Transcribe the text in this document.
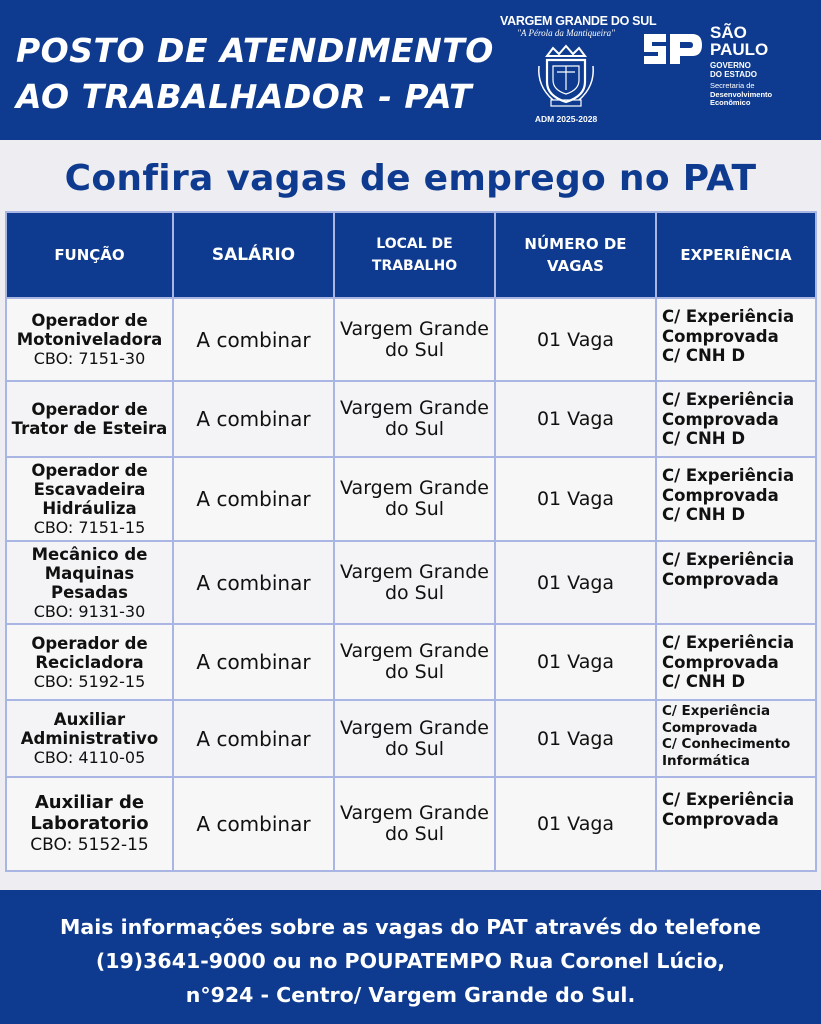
POSTO DE ATENDIMENTO
AO TRABALHADOR - PAT
VARGEM GRANDE DO SUL
"A Pérola da Mantiqueira"
ADM 2025-2028
SÃO
PAULO
GOVERNO
DO ESTADO
Secretaria de
Desenvolvimento
Econômico
Confira vagas de emprego no PAT
FUNÇÃO	SALÁRIO	LOCAL DE
TRABALHO	NÚMERO DE
VAGAS	EXPERIÊNCIA
Operador de
Motoniveladora
CBO: 7151-30	A combinar	Vargem Grande
do Sul	01 Vaga	C/ Experiência
Comprovada
C/ CNH D

Operador de
Trator de Esteira	A combinar	Vargem Grande
do Sul	01 Vaga	C/ Experiência
Comprovada
C/ CNH D

Operador de
Escavadeira
Hidráuliza
CBO: 7151-15	A combinar	Vargem Grande
do Sul	01 Vaga	C/ Experiência
Comprovada
C/ CNH D

Mecânico de
Maquinas
Pesadas
CBO: 9131-30	A combinar	Vargem Grande
do Sul	01 Vaga	C/ Experiência
Comprovada

Operador de
Recicladora
CBO: 5192-15	A combinar	Vargem Grande
do Sul	01 Vaga	C/ Experiência
Comprovada
C/ CNH D

Auxiliar
Administrativo
CBO: 4110-05	A combinar	Vargem Grande
do Sul	01 Vaga	C/ Experiência
Comprovada
C/ Conhecimento
Informática

Auxiliar de
Laboratorio
CBO: 5152-15	A combinar	Vargem Grande
do Sul	01 Vaga	C/ Experiência
Comprovada
Mais informações sobre as vagas do PAT através do telefone
(19)3641-9000 ou no POUPATEMPO Rua Coronel Lúcio,
n°924 - Centro/ Vargem Grande do Sul.
